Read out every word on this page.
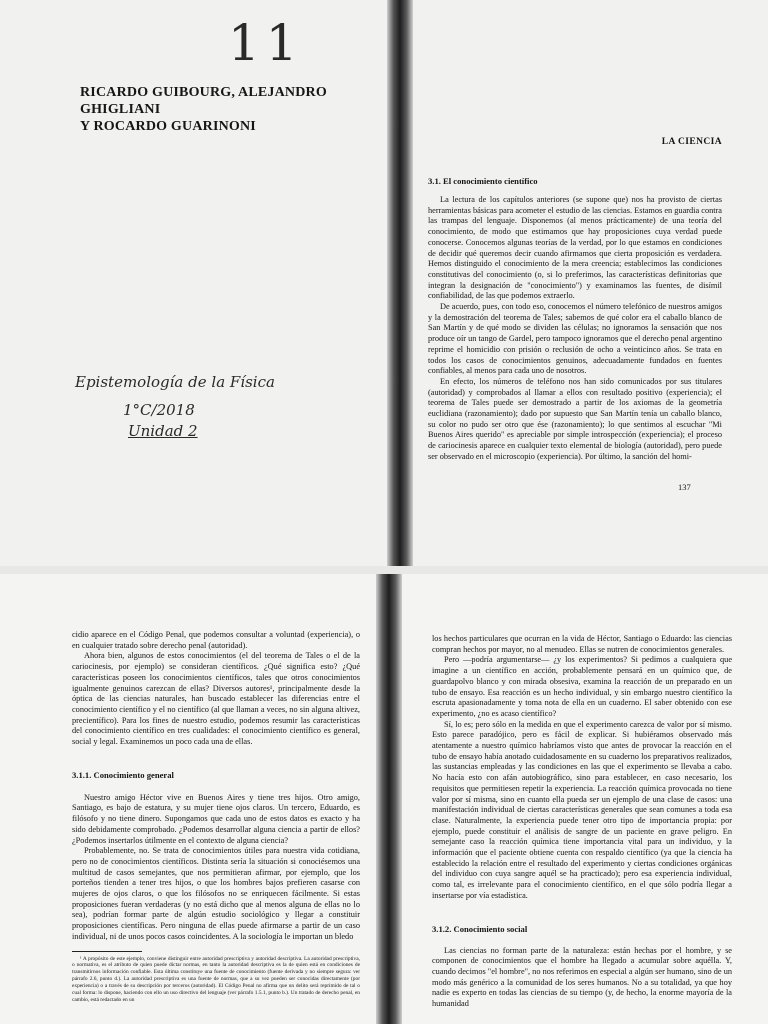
11

RICARDO GUIBOURG, ALEJANDRO GHIGLIANI
Y ROCARDO GUARINONI

Epistemología de la Física

1°C/2018

Unidad 2

LA CIENCIA
3.1. El conocimiento científico

La lectura de los capítulos anteriores (se supone que) nos ha provisto de ciertas herramientas básicas para acometer el estudio de las ciencias. Estamos en guardia contra las trampas del lenguaje. Disponemos (al menos prácticamente) de una teoría del conocimiento, de modo que estimamos que hay proposiciones cuya verdad puede conocerse. Conocemos algunas teorías de la verdad, por lo que estamos en condiciones de decidir qué queremos decir cuando afirmamos que cierta proposición es verdadera. Hemos distinguido el conocimiento de la mera creencia; establecimos las condiciones constitutivas del conocimiento (o, si lo preferimos, las características definitorias que integran la designación de "conocimiento") y examinamos las fuentes, de disímil confiabilidad, de las que podemos extraerlo.

De acuerdo, pues, con todo eso, conocemos el número telefónico de nuestros amigos y la demostración del teorema de Tales; sabemos de qué color era el caballo blanco de San Martín y de qué modo se dividen las células; no ignoramos la sensación que nos produce oír un tango de Gardel, pero tampoco ignoramos que el derecho penal argentino reprime el homicidio con prisión o reclusión de ocho a veinticinco años. Se trata en todos los casos de conocimientos genuinos, adecuadamente fundados en fuentes confiables, al menos para cada uno de nosotros.

En efecto, los números de teléfono nos han sido comunicados por sus titulares (autoridad) y comprobados al llamar a ellos con resultado positivo (experiencia); el teorema de Tales puede ser demostrado a partir de los axiomas de la geometría euclidiana (razonamiento); dado por supuesto que San Martín tenía un caballo blanco, su color no pudo ser otro que ése (razonamiento); lo que sentimos al escuchar "Mi Buenos Aires querido" es apreciable por simple introspección (experiencia); el proceso de cariocinesis aparece en cualquier texto elemental de biología (autoridad), pero puede ser observado en el microscopio (experiencia). Por último, la sanción del homi-

137

cidio aparece en el Código Penal, que podemos consultar a voluntad (experiencia), o en cualquier tratado sobre derecho penal (autoridad).

Ahora bien, algunos de estos conocimientos (el del teorema de Tales o el de la cariocinesis, por ejemplo) se consideran científicos. ¿Qué significa esto? ¿Qué características poseen los conocimientos científicos, tales que otros conocimientos igualmente genuinos carezcan de ellas? Diversos autores¹, principalmente desde la óptica de las ciencias naturales, han buscado establecer las diferencias entre el conocimiento científico y el no científico (al que llaman a veces, no sin alguna altivez, precientífico). Para los fines de nuestro estudio, podemos resumir las características del conocimiento científico en tres cualidades: el conocimiento científico es general, social y legal. Examinemos un poco cada una de ellas.

3.1.1. Conocimiento general

Nuestro amigo Héctor vive en Buenos Aires y tiene tres hijos. Otro amigo, Santiago, es bajo de estatura, y su mujer tiene ojos claros. Un tercero, Eduardo, es filósofo y no tiene dinero. Supongamos que cada uno de estos datos es exacto y ha sido debidamente comprobado. ¿Podemos desarrollar alguna ciencia a partir de ellos? ¿Podemos insertarlos útilmente en el contexto de alguna ciencia?

Probablemente, no. Se trata de conocimientos útiles para nuestra vida cotidiana, pero no de conocimientos científicos. Distinta sería la situación si conociésemos una multitud de casos semejantes, que nos permitieran afirmar, por ejemplo, que los porteños tienden a tener tres hijos, o que los hombres bajos prefieren casarse con mujeres de ojos claros, o que los filósofos no se enriquecen fácilmente. Si estas proposiciones fueran verdaderas (y no está dicho que al menos alguna de ellas no lo sea), podrían formar parte de algún estudio sociológico y llegar a constituir proposiciones científicas. Pero ninguna de ellas puede afirmarse a partir de un caso individual, ni de unos pocos casos coincidentes. A la sociología le importan un bledo

¹ A propósito de este ejemplo, conviene distinguir entre autoridad prescriptiva y autoridad descriptiva. La autoridad prescriptiva, o normativa, es el atributo de quien puede dictar normas, en tanto la autoridad descriptiva es la de quien está en condiciones de transmitirnos información confiable. Esta última constituye una fuente de conocimiento (fuente derivada y no siempre segura: ver párrafo 2.6, punto d.). La autoridad prescriptiva es una fuente de normas, que a su vez pueden ser conocidas directamente (por experiencia) o a través de su descripción por terceros (autoridad). El Código Penal no afirma que un delito será reprimido de tal o cual forma: lo dispone, haciendo con ello un uso directivo del lenguaje (ver párrafo 1.5.1, punto b.). Un tratado de derecho penal, en cambio, está redactado en un

los hechos particulares que ocurran en la vida de Héctor, Santiago o Eduardo: las ciencias compran hechos por mayor, no al menudeo. Ellas se nutren de conocimientos generales.

Pero —podría argumentarse— ¿y los experimentos? Si pedimos a cualquiera que imagine a un científico en acción, probablemente pensará en un químico que, de guardapolvo blanco y con mirada obsesiva, examina la reacción de un preparado en un tubo de ensayo. Esa reacción es un hecho individual, y sin embargo nuestro científico la escruta apasionadamente y toma nota de ella en un cuaderno. El saber obtenido con ese experimento, ¿no es acaso científico?

Sí, lo es; pero sólo en la medida en que el experimento carezca de valor por sí mismo. Esto parece paradójico, pero es fácil de explicar. Si hubiéramos observado más atentamente a nuestro químico habríamos visto que antes de provocar la reacción en el tubo de ensayo había anotado cuidadosamente en su cuaderno los preparativos realizados, las sustancias empleadas y las condiciones en las que el experimento se llevaba a cabo. No hacía esto con afán autobiográfico, sino para establecer, en caso necesario, los requisitos que permitiesen repetir la experiencia. La reacción química provocada no tiene valor por sí misma, sino en cuanto ella pueda ser un ejemplo de una clase de casos: una manifestación individual de ciertas características generales que sean comunes a toda esa clase. Naturalmente, la experiencia puede tener otro tipo de importancia propia: por ejemplo, puede constituir el análisis de sangre de un paciente en grave peligro. En semejante caso la reacción química tiene importancia vital para un individuo, y la información que el paciente obtiene cuenta con respaldo científico (ya que la ciencia ha establecido la relación entre el resultado del experimento y ciertas condiciones orgánicas del individuo con cuya sangre aquél se ha practicado); pero esa experiencia individual, como tal, es irrelevante para el conocimiento científico, en el que sólo podría llegar a insertarse por vía estadística.

3.1.2. Conocimiento social

Las ciencias no forman parte de la naturaleza: están hechas por el hombre, y se componen de conocimientos que el hombre ha llegado a acumular sobre aquélla. Y, cuando decimos "el hombre", no nos referimos en especial a algún ser humano, sino de un modo más genérico a la comunidad de los seres humanos. No a su totalidad, ya que hoy nadie es experto en todas las ciencias de su tiempo (y, de hecho, la enorme mayoría de la humanidad
